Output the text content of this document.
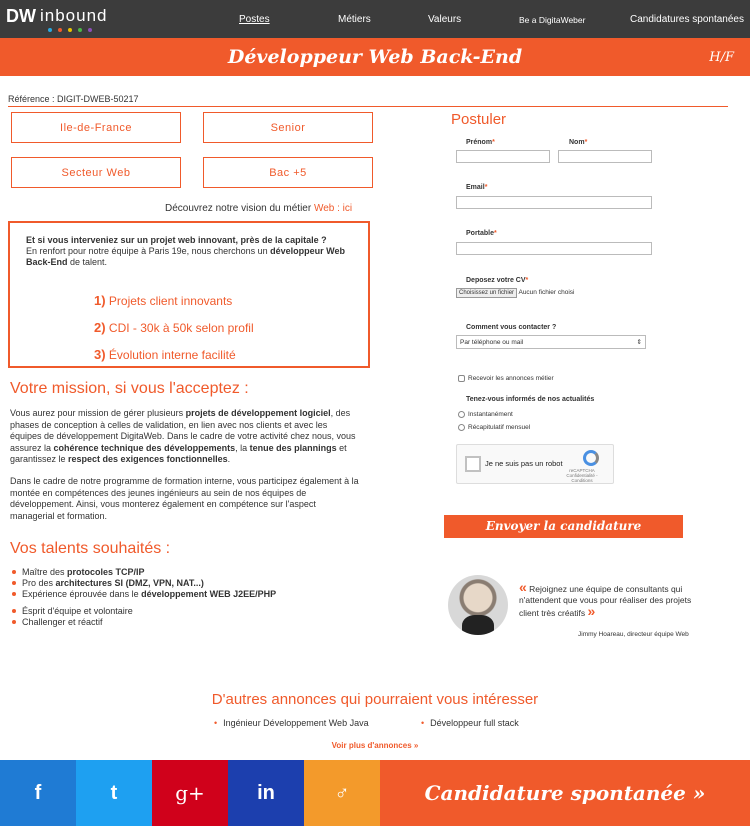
DW inbound	Postes	Métiers	Valeurs	Be a DigitaWeber	Candidatures spontanées
Développeur Web Back-End	H/F
Référence : DIGIT-DWEB-50217
Ile-de-France	Senior
Secteur Web	Bac +5
Découvrez notre vision du métier Web : ici
Et si vous interveniez sur un projet web innovant, près de la capitale ?
En renfort pour notre équipe à Paris 19e, nous cherchons un développeur Web Back-End de talent.
1) Projets client innovants
2) CDI - 30k à 50k selon profil
3) Évolution interne facilité
Votre mission, si vous l'acceptez :
Vous aurez pour mission de gérer plusieurs projets de développement logiciel, des phases de conception à celles de validation, en lien avec nos clients et avec les équipes de développement DigitaWeb. Dans le cadre de votre activité chez nous, vous assurez la cohérence technique des développements, la tenue des plannings et garantissez le respect des exigences fonctionnelles.
Dans le cadre de notre programme de formation interne, vous participez également à la montée en compétences des jeunes ingénieurs au sein de nos équipes de développement. Ainsi, vous monterez également en compétence sur l'aspect managerial et formation.
Vos talents souhaités :
Maître des protocoles TCP/IP
Pro des architectures SI (DMZ, VPN, NAT...)
Expérience éprouvée dans le développement WEB J2EE/PHP
Ésprit d'équipe et volontaire
Challenger et réactif
Postuler
Prénom*	Nom*
Email*
Portable*
Deposez votre CV*
Choisissez un fichier Aucun fichier choisi
Comment vous contacter ?
Par téléphone ou mail	⇕
Recevoir les annonces métier
Tenez-vous informés de nos actualités
Instantanément
Récapitulatif mensuel
Je ne suis pas un robot
reCAPTCHA
Confidentialité - Conditions
Envoyer la candidature
« Rejoignez une équipe de consultants qui n'attendent que vous pour réaliser des projets client très créatifs »
Jimmy Hoareau, directeur équipe Web
D'autres annonces qui pourraient vous intéresser
• Ingénieur Développement Web Java
•	Développeur full stack
Voir plus d'annonces »
f	t	g+	in	♂	Candidature spontanée »
